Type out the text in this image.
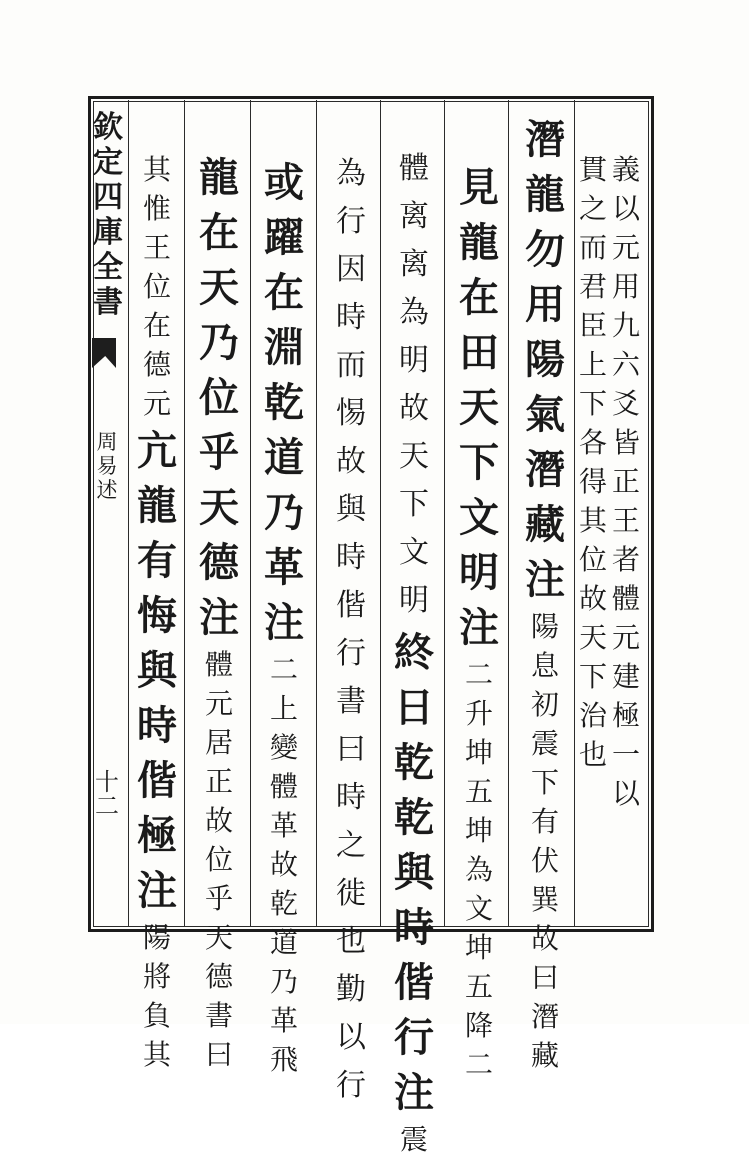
欽
定
四
庫
全
書
周
易
述
十二
義
以
元
用
九
六
爻
皆
正
王
者
體
元
建
極
一
以
貫
之
而
君
臣
上
下
各
得
其
位
故
天
下
治
也
潛
龍
勿
用
陽
氣
潛
藏
注
陽
息
初
震
下
有
伏
巽
故
曰
潛
藏
見
龍
在
田
天
下
文
明
注
二
升
坤
五
坤
為
文
坤
五
降
二
體
离
离
為
明
故
天
下
文
明
終
日
乾
乾
與
時
偕
行
注
震
為
行
因
時
而
惕
故
與
時
偕
行
書
曰
時
之
徙
也
勤
以
行
或
躍
在
淵
乾
道
乃
革
注
二
上
變
體
革
故
乾
道
乃
革
飛
龍
在
天
乃
位
乎
天
德
注
體
元
居
正
故
位
乎
天
德
書
曰
其
惟
王
位
在
德
元
亢
龍
有
悔
與
時
偕
極
注
陽
將
負
其
